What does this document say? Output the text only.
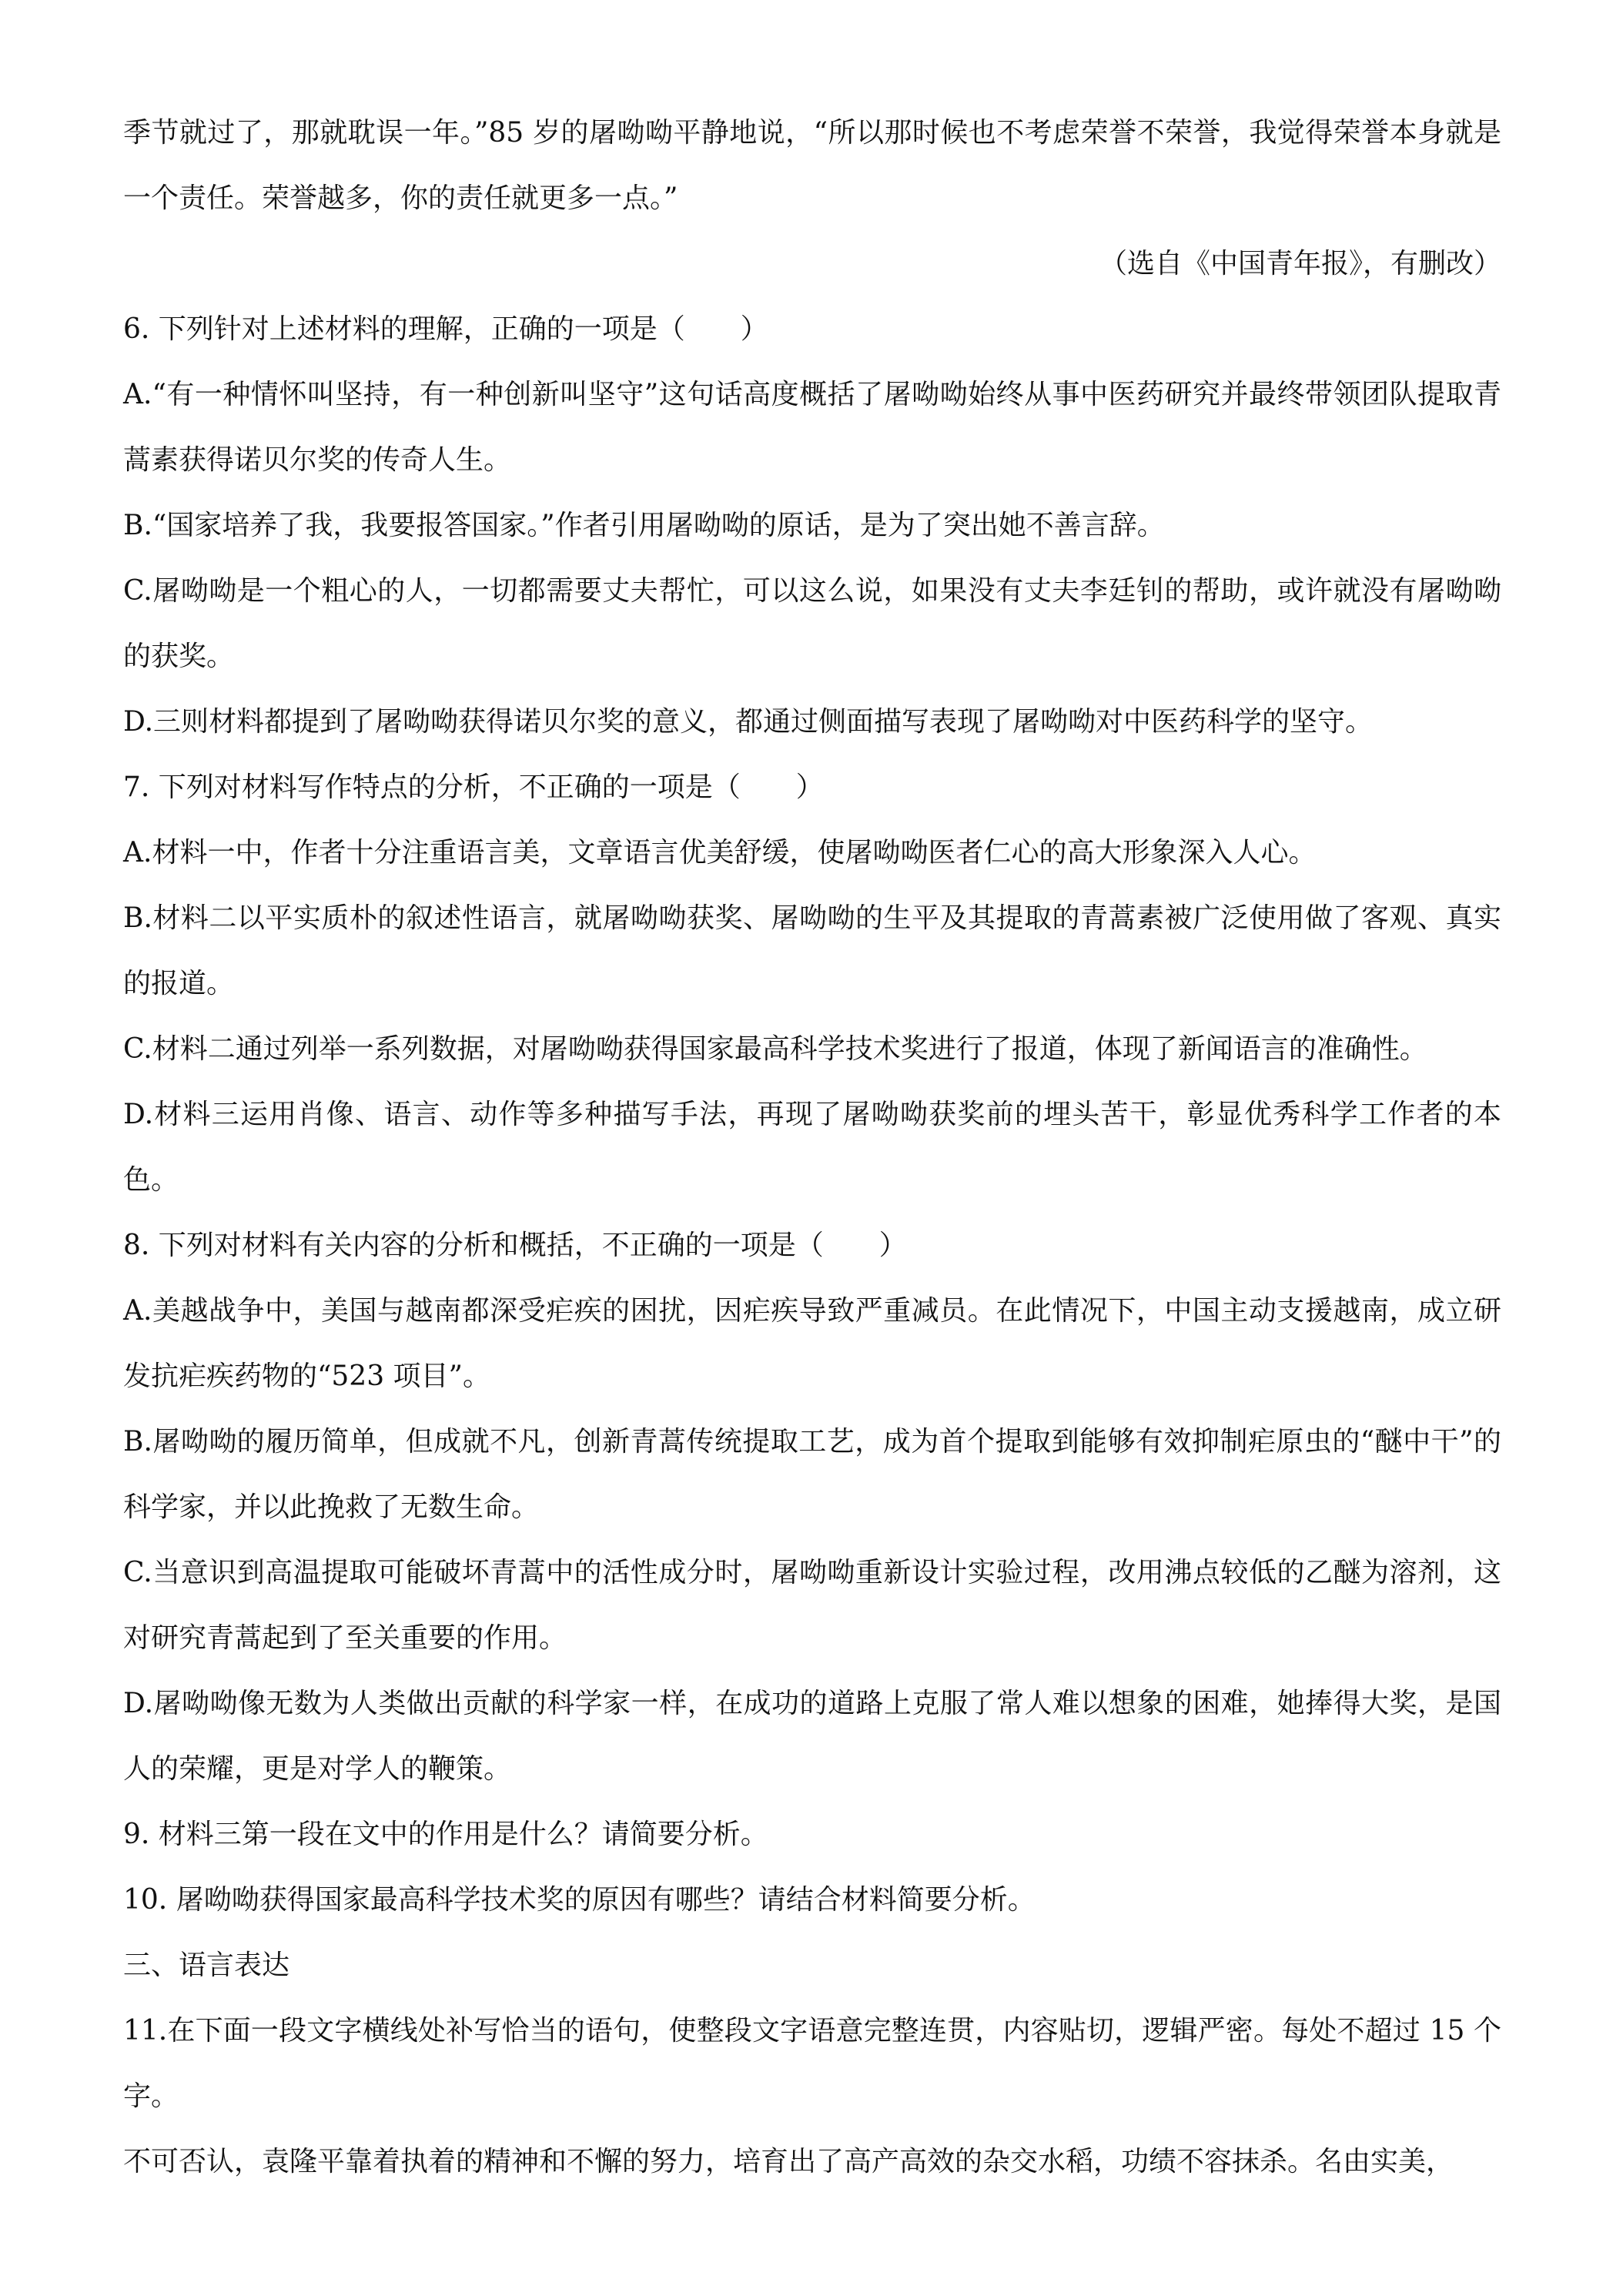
季节就过了，那就耽误一年。”85 岁的屠呦呦平静地说，“所以那时候也不考虑荣誉不荣誉，我觉得荣誉本身就是一个责任。荣誉越多，你的责任就更多一点。”

（选自《中国青年报》，有删改）

6. 下列针对上述材料的理解，正确的一项是（　　）

A.“有一种情怀叫坚持，有一种创新叫坚守”这句话高度概括了屠呦呦始终从事中医药研究并最终带领团队提取青蒿素获得诺贝尔奖的传奇人生。

B.“国家培养了我，我要报答国家。”作者引用屠呦呦的原话，是为了突出她不善言辞。

C.屠呦呦是一个粗心的人，一切都需要丈夫帮忙，可以这么说，如果没有丈夫李廷钊的帮助，或许就没有屠呦呦的获奖。

D.三则材料都提到了屠呦呦获得诺贝尔奖的意义，都通过侧面描写表现了屠呦呦对中医药科学的坚守。

7. 下列对材料写作特点的分析，不正确的一项是（　　）

A.材料一中，作者十分注重语言美，文章语言优美舒缓，使屠呦呦医者仁心的高大形象深入人心。

B.材料二以平实质朴的叙述性语言，就屠呦呦获奖、屠呦呦的生平及其提取的青蒿素被广泛使用做了客观、真实的报道。

C.材料二通过列举一系列数据，对屠呦呦获得国家最高科学技术奖进行了报道，体现了新闻语言的准确性。

D.材料三运用肖像、语言、动作等多种描写手法，再现了屠呦呦获奖前的埋头苦干，彰显优秀科学工作者的本色。

8. 下列对材料有关内容的分析和概括，不正确的一项是（　　）

A.美越战争中，美国与越南都深受疟疾的困扰，因疟疾导致严重减员。在此情况下，中国主动支援越南，成立研发抗疟疾药物的“523 项目”。

B.屠呦呦的履历简单，但成就不凡，创新青蒿传统提取工艺，成为首个提取到能够有效抑制疟原虫的“醚中干”的科学家，并以此挽救了无数生命。

C.当意识到高温提取可能破坏青蒿中的活性成分时，屠呦呦重新设计实验过程，改用沸点较低的乙醚为溶剂，这对研究青蒿起到了至关重要的作用。

D.屠呦呦像无数为人类做出贡献的科学家一样，在成功的道路上克服了常人难以想象的困难，她捧得大奖，是国人的荣耀，更是对学人的鞭策。

9. 材料三第一段在文中的作用是什么？请简要分析。

10. 屠呦呦获得国家最高科学技术奖的原因有哪些？请结合材料简要分析。

三、语言表达

11.在下面一段文字横线处补写恰当的语句，使整段文字语意完整连贯，内容贴切，逻辑严密。每处不超过 15 个字。

不可否认，袁隆平靠着执着的精神和不懈的努力，培育出了高产高效的杂交水稻，功绩不容抹杀。名由实美，
